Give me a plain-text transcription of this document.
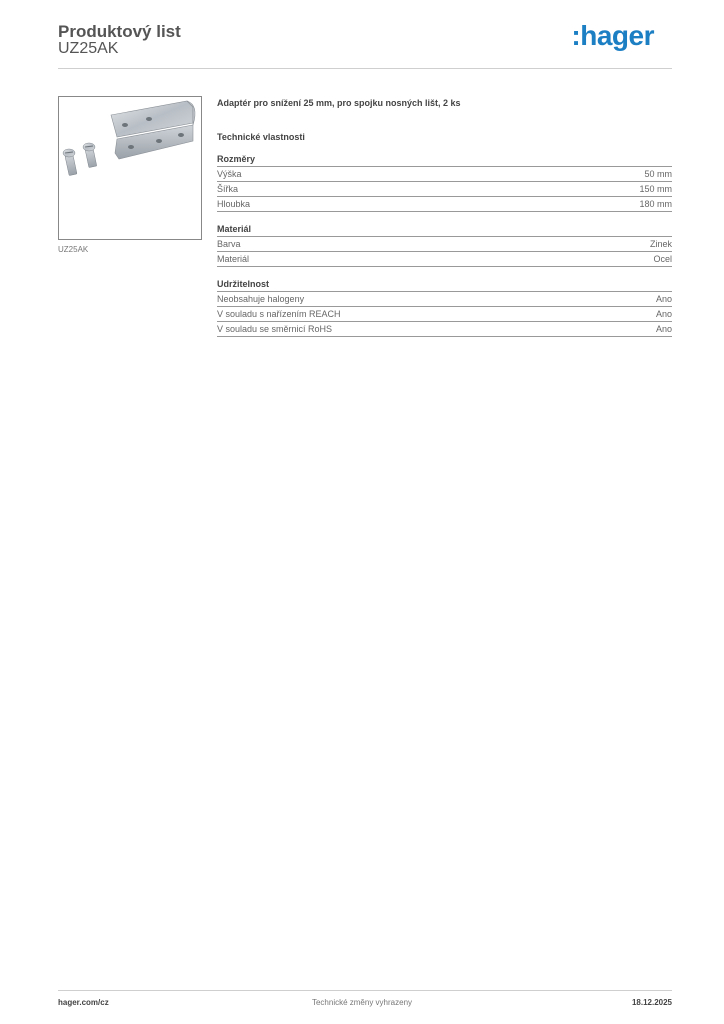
Produktový list
UZ25AK	:hager
UZ25AK

Adaptér pro snížení 25 mm, pro spojku nosných lišt, 2 ks

Technické vlastnosti
Rozměry
Výška	50 mm
Šířka	150 mm
Hloubka	180 mm
Materiál
Barva	Zinek
Materiál	Ocel
Udržitelnost
Neobsahuje halogeny	Ano
V souladu s nařízením REACH	Ano
V souladu se směrnicí RoHS	Ano
hager.com/cz	Technické změny vyhrazeny	18.12.2025
